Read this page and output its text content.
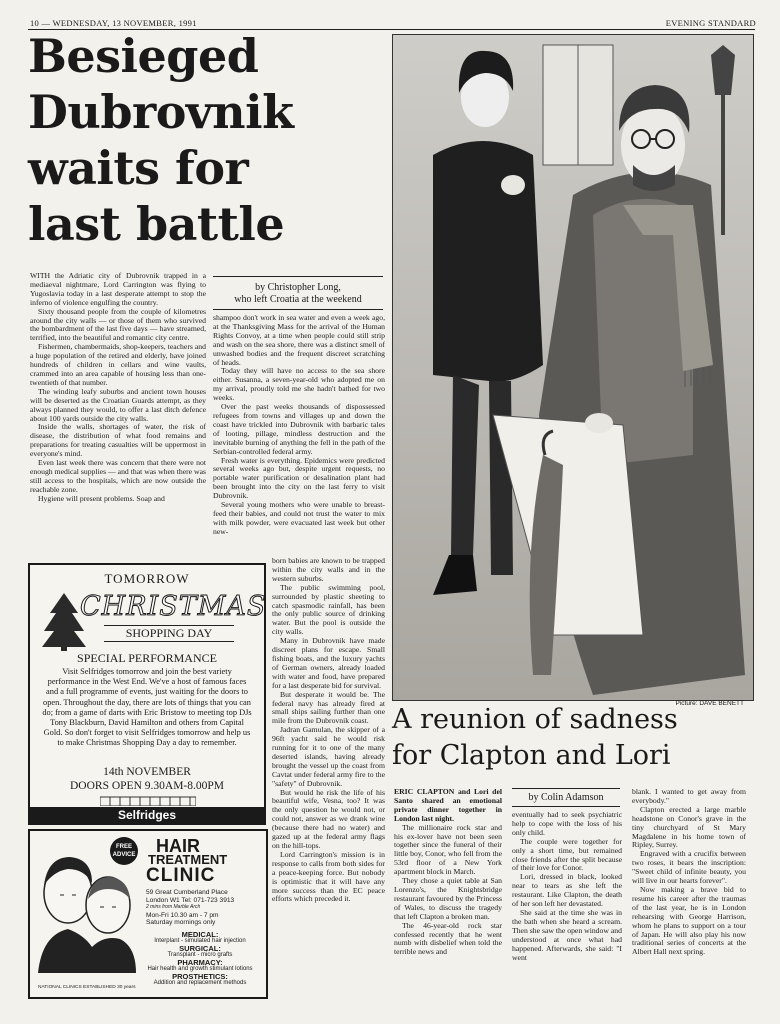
10 — WEDNESDAY, 13 NOVEMBER, 1991	EVENING STANDARD
Besieged
Dubrovnik
waits for
last battle

WITH the Adriatic city of Dubrovnik trapped in a mediaeval nightmare, Lord Carrington was flying to Yugoslavia today in a last desperate attempt to stop the inferno of violence engulfing the country.

Sixty thousand people from the couple of kilometres around the city walls — or those of them who survived the bombardment of the last five days — have streamed, terrified, into the beautiful and romantic city centre.

Fishermen, chambermaids, shop-keepers, teachers and a huge population of the retired and elderly, have joined hundreds of children in cellars and wine vaults, crammed into an area capable of housing less than one-twentieth of that number.

The winding leafy suburbs and ancient town houses will be deserted as the Croatian Guards attempt, as they always planned they would, to offer a last ditch defence about 100 yards outside the city walls.

Inside the walls, shortages of water, the risk of disease, the distribution of what food remains and preparations for treating casualties will be uppermost in everyone's mind.

Even last week there was concern that there were not enough medical supplies — and that was when there was still access to the hospitals, which are now outside the reachable zone.

Hygiene will present problems. Soap and

by Christopher Long,
who left Croatia at the weekend

shampoo don't work in sea water and even a week ago, at the Thanksgiving Mass for the arrival of the Human Rights Convoy, at a time when people could still strip and wash on the sea shore, there was a distinct smell of unwashed bodies and the frequent discreet scratching of heads.

Today they will have no access to the sea shore either. Susanna, a seven-year-old who adopted me on my arrival, proudly told me she hadn't bathed for two weeks.

Over the past weeks thousands of dispossessed refugees from towns and villages up and down the coast have trickled into Dubrovnik with barbaric tales of looting, pillage, mindless destruction and the inevitable burning of anything the fell in the path of the Serbian-controlled federal army.

Fresh water is everything. Epidemics were predicted several weeks ago but, despite urgent requests, no portable water purification or desalination plant had been brought into the city on the last ferry to visit Dubrovnik.

Several young mothers who were unable to breast-feed their babies, and could not trust the water to mix with milk powder, were evacuated last week but other new-

born babies are known to be trapped within the city walls and in the western suburbs.

The public swimming pool, surrounded by plastic sheeting to catch spasmodic rainfall, has been the only public source of drinking water. But the pool is outside the city walls.

Many in Dubrovnik have made discreet plans for escape. Small fishing boats, and the luxury yachts of German owners, already loaded with water and food, have prepared for a last desperate bid for survival.

But desperate it would be. The federal navy has already fired at small ships sailing further than one mile from the Dubrovnik coast.

Jadran Gamulan, the skipper of a 96ft yacht said he would risk running for it to one of the many deserted islands, having already brought the vessel up the coast from Cavtat under federal army fire to the "safety" of Dubrovnik.

But would he risk the life of his beautiful wife, Vesna, too? It was the only question he would not, or could not, answer as we drank wine (because there had no water) and gazed up at the federal army flags on the hill-tops.

Lord Carrington's mission is in response to calls from both sides for a peace-keeping force. But nobody is optimistic that it will have any more success than the EC peace efforts which preceded it.

TOMORROW
CHRISTMAS
SHOPPING DAY
SPECIAL PERFORMANCE
Visit Selfridges tomorrow and join the best variety performance in the West End. We've a host of famous faces and a full programme of events, just waiting for the doors to open. Throughout the day, there are lots of things that you can do; from a game of darts with Eric Bristow to meeting top DJs Tony Blackburn, David Hamilton and others from Capital Gold. So don't forget to visit Selfridges tomorrow and help us to make Christmas Shopping Day a day to remember.
14th NOVEMBER
DOORS OPEN 9.30AM-8.00PM
Selfridges
FREE ADVICE HAIR
TREATMENT
CLINIC
59 Great Cumberland Place
London W1 Tel: 071-723 3913
2 mins from Marble Arch
Mon-Fri 10.30 am - 7 pm
Saturday mornings only
MEDICAL:
Interplant - simulated hair injection
SURGICAL:
Transplant - micro grafts
PHARMACY:
Hair health and growth stimulant lotions
PROSTHETICS:
Addition and replacement methods
NATIONAL CLINICS ESTABLISHED 30 years
Picture: DAVE BENETT
A reunion of sadness
for Clapton and Lori

ERIC CLAPTON and Lori del Santo shared an emotional private dinner together in London last night.

The millionaire rock star and his ex-lover have not been seen together since the funeral of their little boy, Conor, who fell from the 53rd floor of a New York apartment block in March.

They chose a quiet table at San Lorenzo's, the Knightsbridge restaurant favoured by the Princess of Wales, to discuss the tragedy that left Clapton a broken man.

The 46-year-old rock star confessed recently that he went numb with disbelief when told the terrible news and

by Colin Adamson

eventually had to seek psychiatric help to cope with the loss of his only child.

The couple were together for only a short time, but remained close friends after the split because of their love for Conor.

Lori, dressed in black, looked near to tears as she left the restaurant. Like Clapton, the death of her son left her devastated.

She said at the time she was in the bath when she heard a scream. Then she saw the open window and understood at once what had happened. Afterwards, she said: "I went

blank. I wanted to get away from everybody."

Clapton erected a large marble headstone on Conor's grave in the tiny churchyard of St Mary Magdalene in his home town of Ripley, Surrey.

Engraved with a crucifix between two roses, it bears the inscription: "Sweet child of infinite beauty, you will live in our hearts forever".

Now making a brave bid to resume his career after the traumas of the last year, he is in London rehearsing with George Harrison, whom he plans to support on a tour of Japan. He will also play his now traditional series of concerts at the Albert Hall next spring.
